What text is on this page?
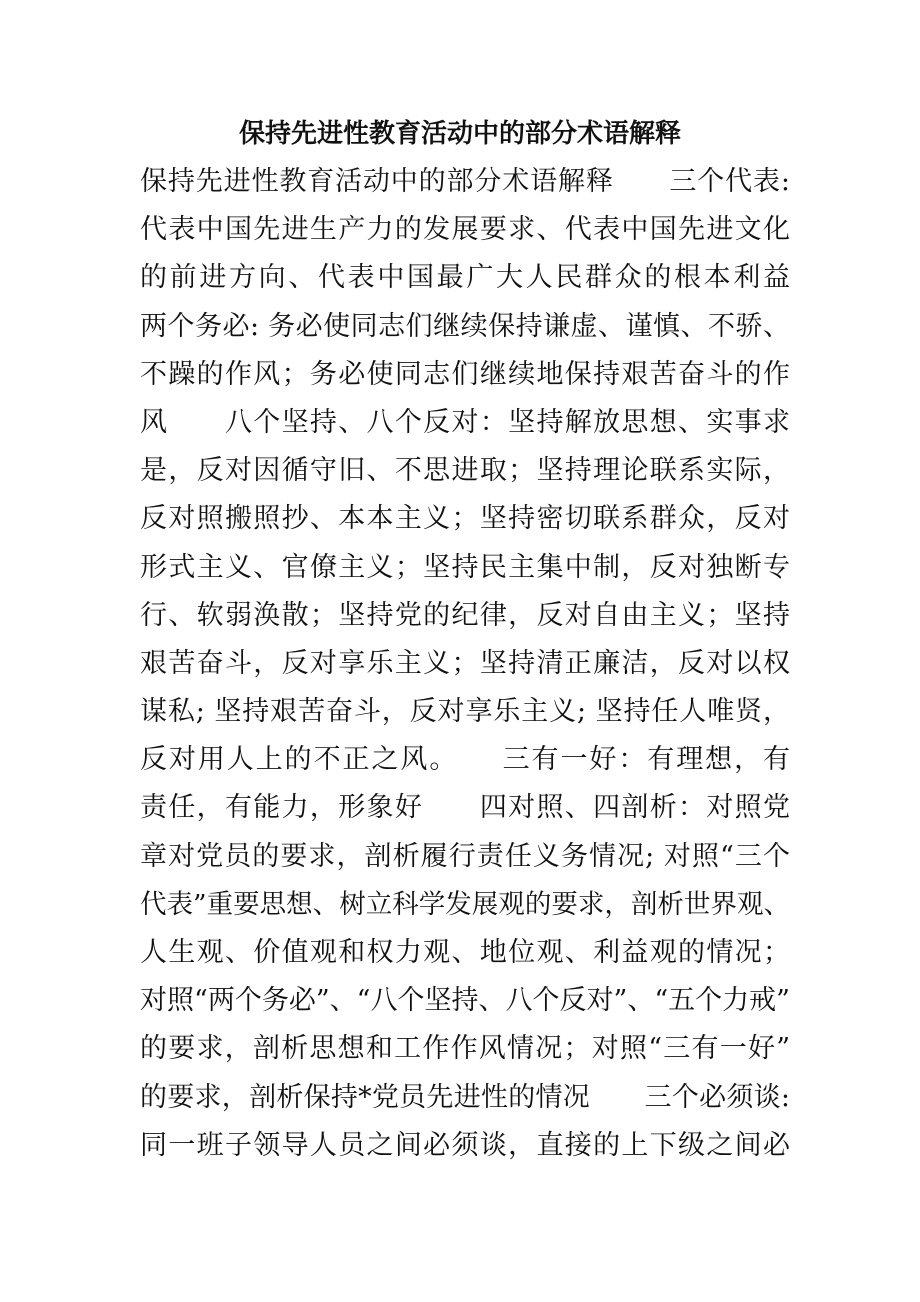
保持先进性教育活动中的部分术语解释
保持先进性教育活动中的部分术语解释　　三个代表:
代表中国先进生产力的发展要求、代表中国先进文化
的前进方向、代表中国最广大人民群众的根本利益
两个务必: 务必使同志们继续保持谦虚、谨慎、不骄、
不躁的作风；务必使同志们继续地保持艰苦奋斗的作
风　　八个坚持、八个反对：坚持解放思想、实事求
是，反对因循守旧、不思进取；坚持理论联系实际，
反对照搬照抄、本本主义；坚持密切联系群众，反对
形式主义、官僚主义；坚持民主集中制，反对独断专
行、软弱涣散；坚持党的纪律，反对自由主义；坚持
艰苦奋斗，反对享乐主义；坚持清正廉洁，反对以权
谋私; 坚持艰苦奋斗，反对享乐主义; 坚持任人唯贤，
反对用人上的不正之风。　　三有一好：有理想，有
责任，有能力，形象好　　四对照、四剖析：对照党
章对党员的要求，剖析履行责任义务情况; 对照“三个
代表”重要思想、树立科学发展观的要求，剖析世界观、
人生观、价值观和权力观、地位观、利益观的情况；
对照“两个务必”、“八个坚持、八个反对”、“五个力戒”
的要求，剖析思想和工作作风情况；对照“三有一好”
的要求，剖析保持*党员先进性的情况　　三个必须谈:
同一班子领导人员之间必须谈，直接的上下级之间必
